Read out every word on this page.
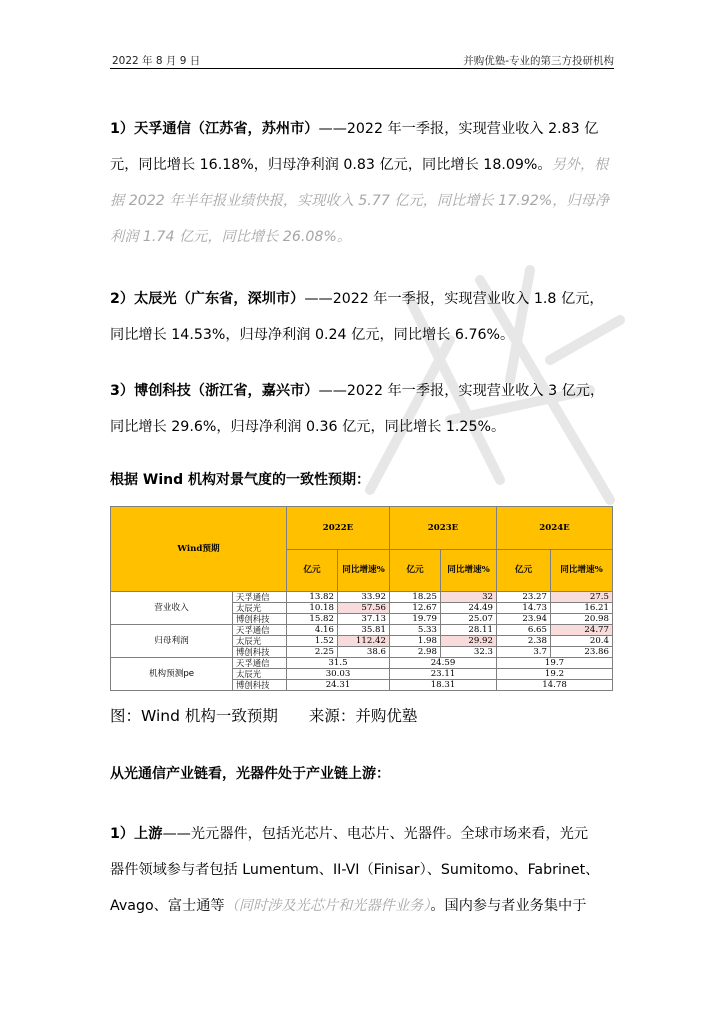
2022 年 8 月 9 日	并购优塾-专业的第三方投研机构
1）天孚通信（江苏省，苏州市）——2022 年一季报，实现营业收入 2.83 亿
元，同比增长 16.18%，归母净利润 0.83 亿元，同比增长 18.09%。另外，根
据 2022 年半年报业绩快报，实现收入 5.77 亿元，同比增长 17.92%，归母净
利润 1.74 亿元，同比增长 26.08%。
2）太辰光（广东省，深圳市）——2022 年一季报，实现营业收入 1.8 亿元，
同比增长 14.53%，归母净利润 0.24 亿元，同比增长 6.76%。
3）博创科技（浙江省，嘉兴市）——2022 年一季报，实现营业收入 3 亿元，
同比增长 29.6%，归母净利润 0.36 亿元，同比增长 1.25%。
根据 Wind 机构对景气度的一致性预期：
Wind预期		2022E		2023E		2024E	
		亿元	同比增速%	亿元	同比增速%	亿元	同比增速%
营业收入	天孚通信	13.82	33.92	18.25	32	23.27	27.5
	太辰光	10.18	57.56	12.67	24.49	14.73	16.21
	博创科技	15.82	37.13	19.79	25.07	23.94	20.98
归母利润	天孚通信	4.16	35.81	5.33	28.11	6.65	24.77
	太辰光	1.52	112.42	1.98	29.92	2.38	20.4
	博创科技	2.25	38.6	2.98	32.3	3.7	23.86
机构预测pe	天孚通信	31.5		24.59		19.7	
	太辰光	30.03		23.11		19.2	
	博创科技	24.31		18.31		14.78	
图：Wind 机构一致预期　　来源：并购优塾
从光通信产业链看，光器件处于产业链上游：
1）上游——光元器件，包括光芯片、电芯片、光器件。全球市场来看，光元
器件领域参与者包括 Lumentum、II-VI（Finisar）、Sumitomo、Fabrinet、
Avago、富士通等（同时涉及光芯片和光器件业务）。国内参与者业务集中于
